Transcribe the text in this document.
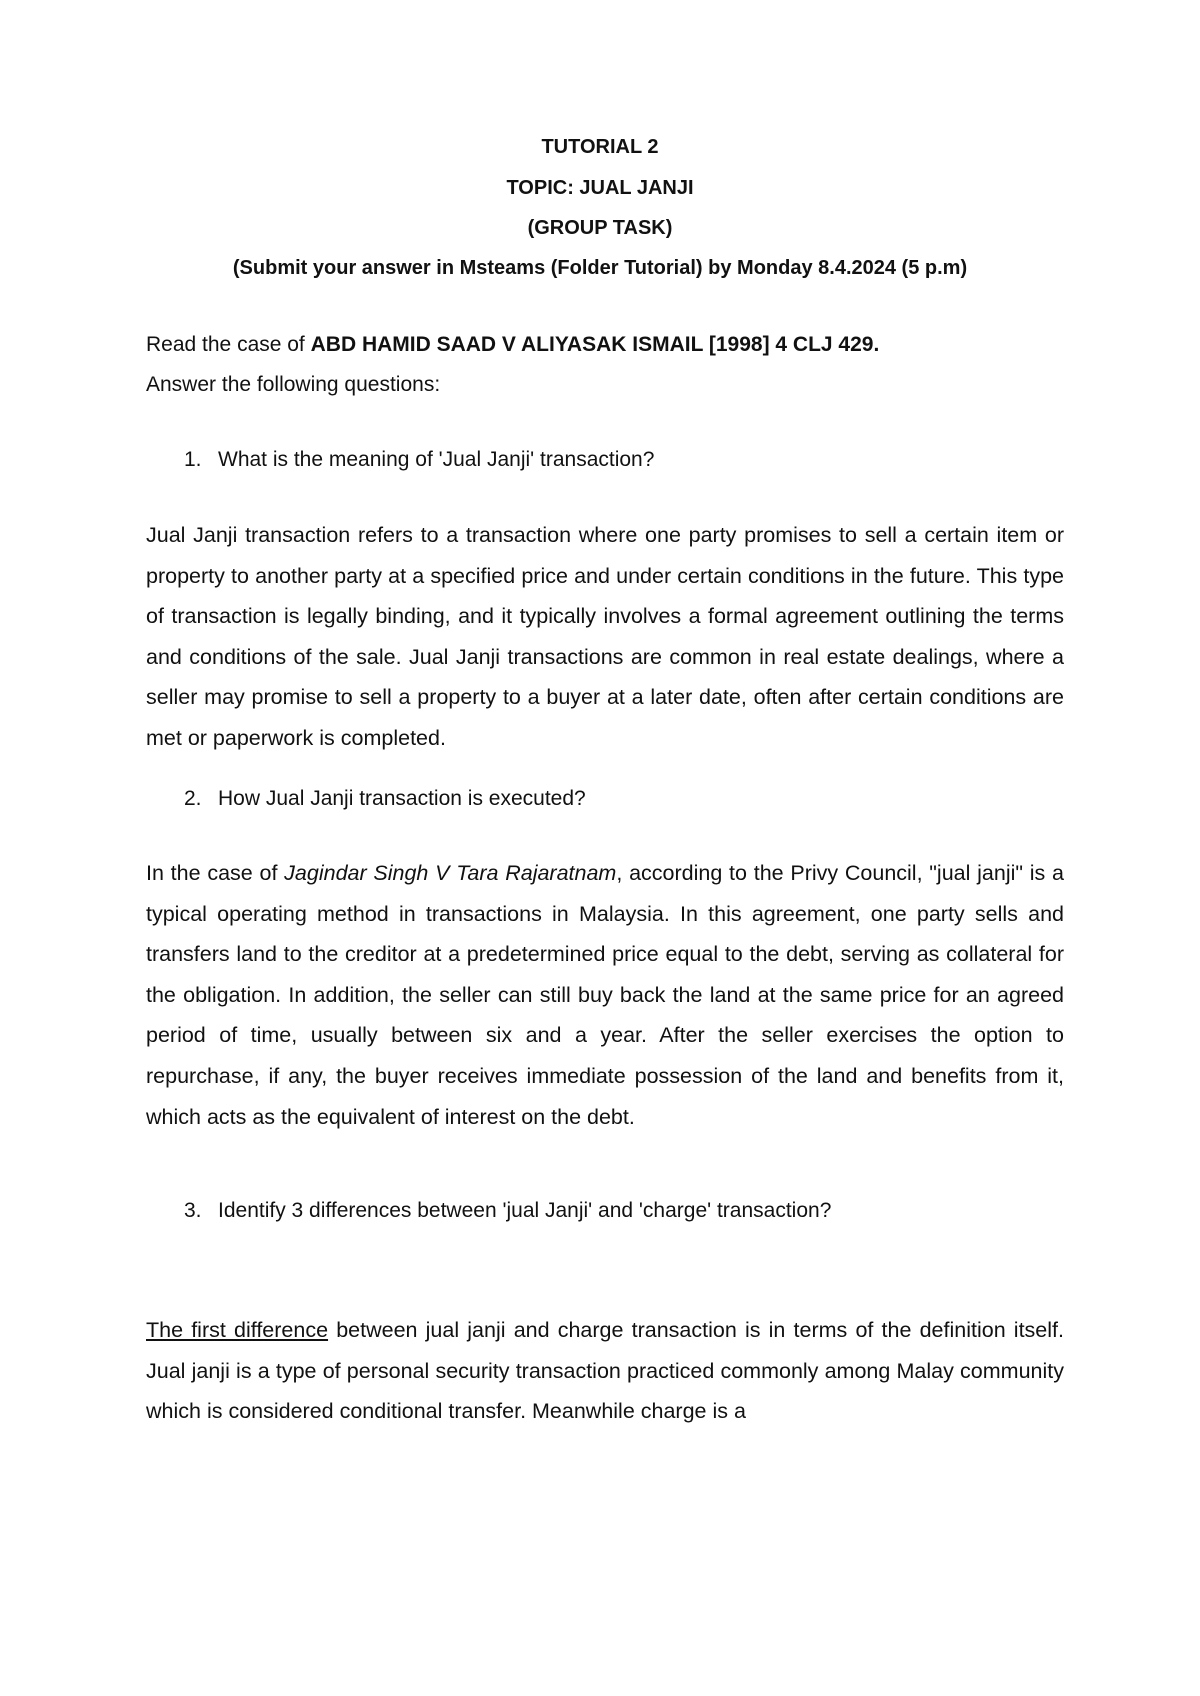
TUTORIAL 2
TOPIC: JUAL JANJI
(GROUP TASK)
(Submit your answer in Msteams (Folder Tutorial) by Monday 8.4.2024 (5 p.m)
Read the case of ABD HAMID SAAD V ALIYASAK ISMAIL [1998] 4 CLJ 429.
Answer the following questions:
1. What is the meaning of 'Jual Janji' transaction?
Jual Janji transaction refers to a transaction where one party promises to sell a certain item or property to another party at a specified price and under certain conditions in the future. This type of transaction is legally binding, and it typically involves a formal agreement outlining the terms and conditions of the sale. Jual Janji transactions are common in real estate dealings, where a seller may promise to sell a property to a buyer at a later date, often after certain conditions are met or paperwork is completed.
2. How Jual Janji transaction is executed?
In the case of Jagindar Singh V Tara Rajaratnam, according to the Privy Council, "jual janji" is a typical operating method in transactions in Malaysia. In this agreement, one party sells and transfers land to the creditor at a predetermined price equal to the debt, serving as collateral for the obligation. In addition, the seller can still buy back the land at the same price for an agreed period of time, usually between six and a year. After the seller exercises the option to repurchase, if any, the buyer receives immediate possession of the land and benefits from it, which acts as the equivalent of interest on the debt.
3. Identify 3 differences between 'jual Janji' and 'charge' transaction?
The first difference between jual janji and charge transaction is in terms of the definition itself. Jual janji is a type of personal security transaction practiced commonly among Malay community which is considered conditional transfer. Meanwhile charge is a
